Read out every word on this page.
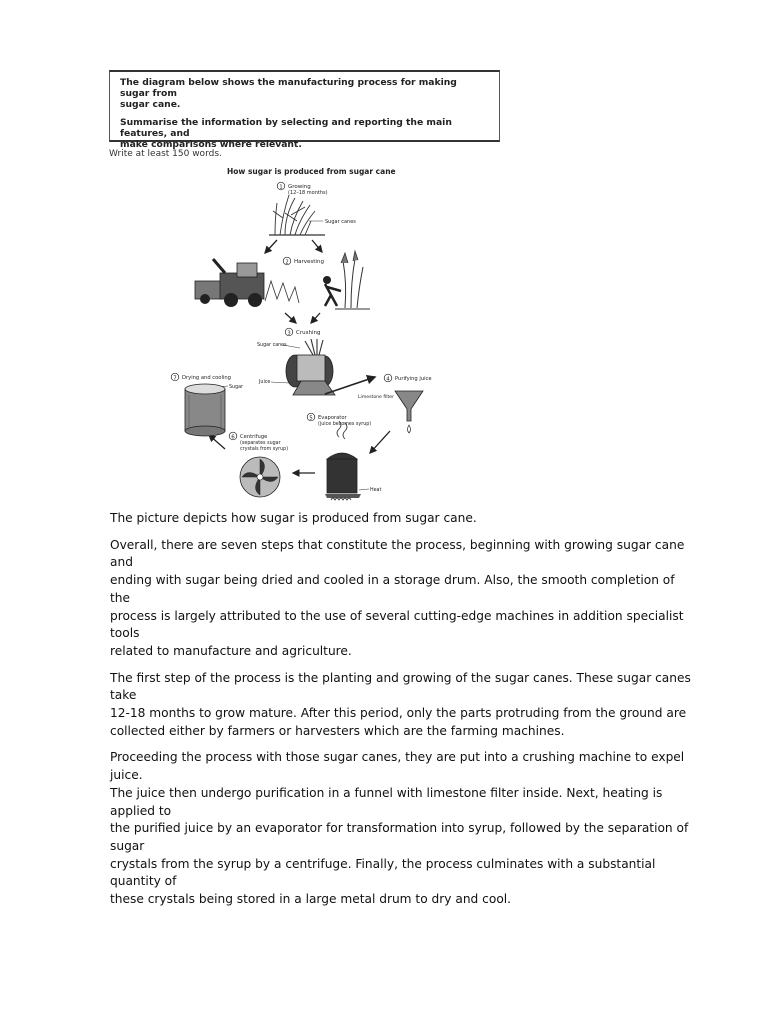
The diagram below shows the manufacturing process for making sugar from

sugar cane.

Summarise the information by selecting and reporting the main features, and

make comparisons where relevant.

Write at least 150 words.
How sugar is produced from sugar cane
1 Growing
(12–18 months)
Sugar canes
2 Harvesting
3 Crushing
Sugar canes
Juice	4 Purifying juice
Limestone filter
5 Evaporator
(juice becomes syrup)
Heat
6 Centrifuge
(separates sugar
crystals from syrup)
7 Drying and cooling
Sugar

The picture depicts how sugar is produced from sugar cane.

Overall, there are seven steps that constitute the process, beginning with growing sugar cane and
ending with sugar being dried and cooled in a storage drum. Also, the smooth completion of the
process is largely attributed to the use of several cutting-edge machines in addition specialist tools
related to manufacture and agriculture.

The first step of the process is the planting and growing of the sugar canes. These sugar canes take
12-18 months to grow mature. After this period, only the parts protruding from the ground are
collected either by farmers or harvesters which are the farming machines.

Proceeding the process with those sugar canes, they are put into a crushing machine to expel juice.
The juice then undergo purification in a funnel with limestone filter inside. Next, heating is applied to
the purified juice by an evaporator for transformation into syrup, followed by the separation of sugar
crystals from the syrup by a centrifuge. Finally, the process culminates with a substantial quantity of
these crystals being stored in a large metal drum to dry and cool.
